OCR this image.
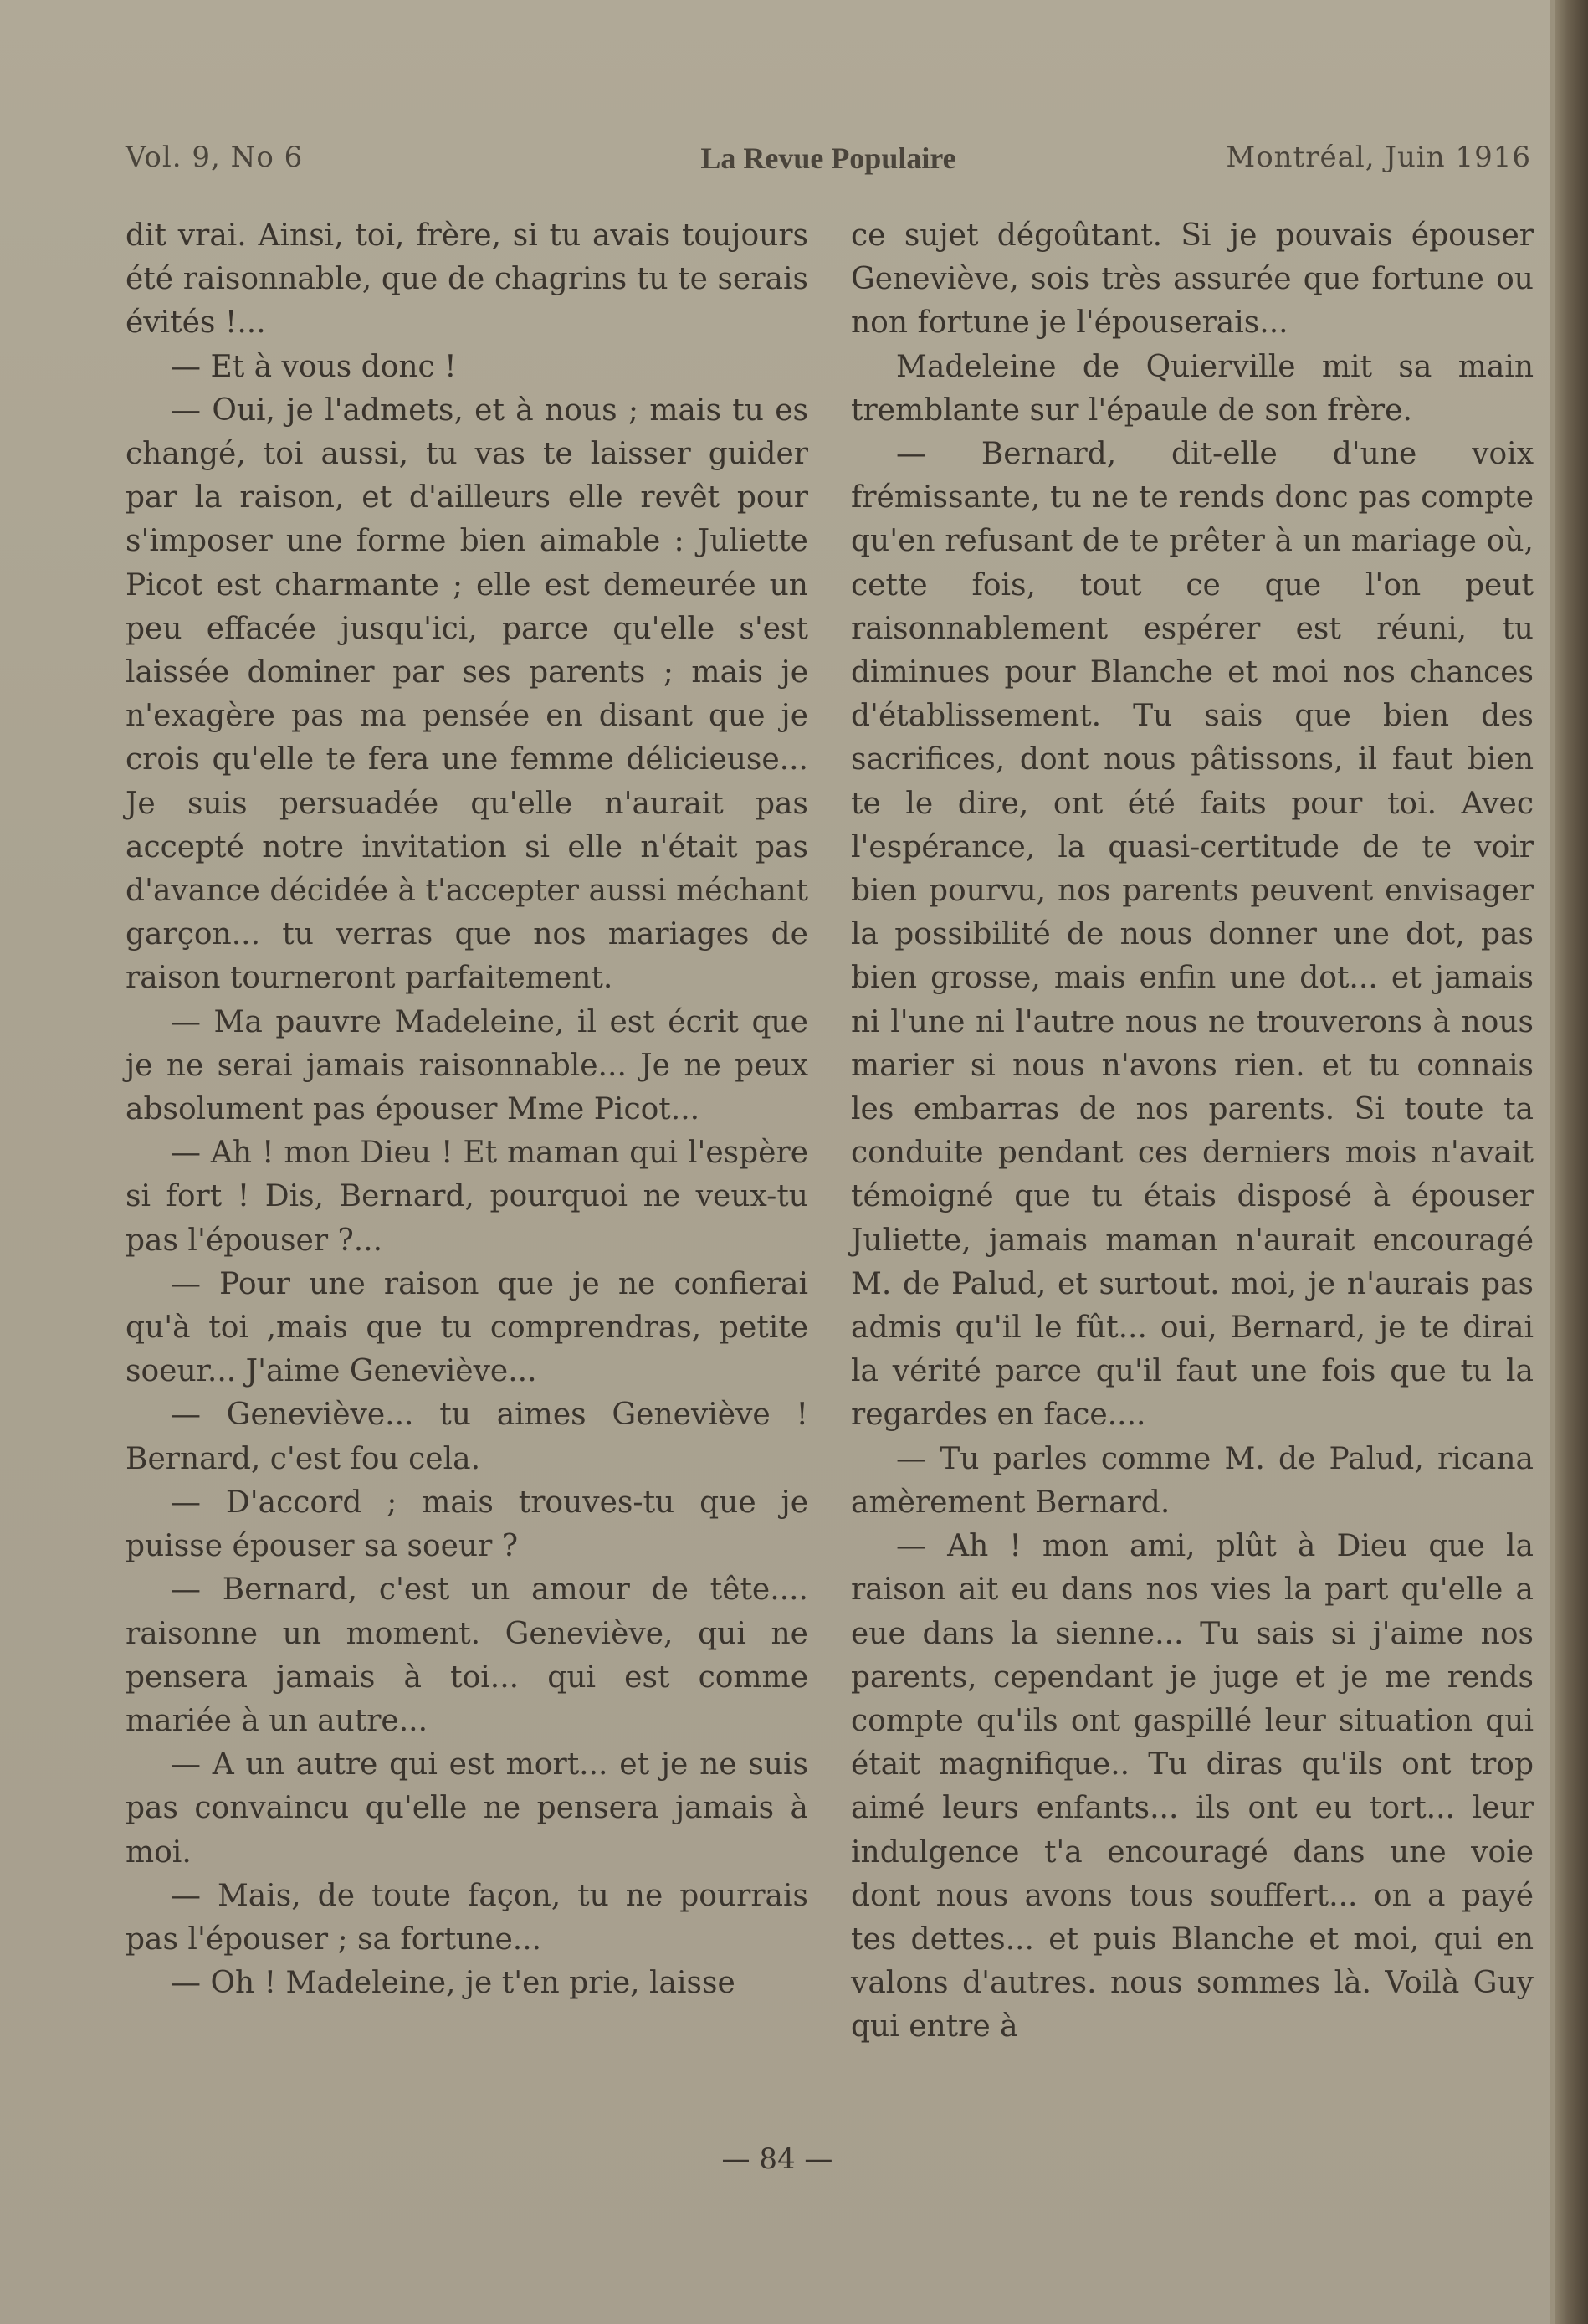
Vol. 9, No 6	La Revue Populaire	Montréal, Juin 1916

dit vrai. Ainsi, toi, frère, si tu avais toujours été raisonnable, que de chagrins tu te serais évités !...

— Et à vous donc !

— Oui, je l'admets, et à nous ; mais tu es changé, toi aussi, tu vas te laisser guider par la raison, et d'ailleurs elle revêt pour s'imposer une forme bien aimable : Juliette Picot est charmante ; elle est demeurée un peu effacée jusqu'ici, parce qu'elle s'est laissée dominer par ses parents ; mais je n'exagère pas ma pensée en disant que je crois qu'elle te fera une femme délicieuse... Je suis persuadée qu'elle n'aurait pas accepté notre invitation si elle n'était pas d'avance décidée à t'accepter aussi méchant garçon... tu verras que nos mariages de raison tourneront parfaitement.

— Ma pauvre Madeleine, il est écrit que je ne serai jamais raisonnable... Je ne peux absolument pas épouser Mme Picot...

— Ah ! mon Dieu ! Et maman qui l'espère si fort ! Dis, Bernard, pourquoi ne veux-tu pas l'épouser ?...

— Pour une raison que je ne confierai qu'à toi ,mais que tu comprendras, petite soeur... J'aime Geneviève...

— Geneviève... tu aimes Geneviève ! Bernard, c'est fou cela.

— D'accord ; mais trouves-tu que je puisse épouser sa soeur ?

— Bernard, c'est un amour de tête.... raisonne un moment. Geneviève, qui ne pensera jamais à toi... qui est comme mariée à un autre...

— A un autre qui est mort... et je ne suis pas convaincu qu'elle ne pensera jamais à moi.

— Mais, de toute façon, tu ne pourrais pas l'épouser ; sa fortune...

— Oh ! Madeleine, je t'en prie, laisse

ce sujet dégoûtant. Si je pouvais épouser Geneviève, sois très assurée que fortune ou non fortune je l'épouserais...

Madeleine de Quierville mit sa main tremblante sur l'épaule de son frère.

— Bernard, dit-elle d'une voix frémissante, tu ne te rends donc pas compte qu'en refusant de te prêter à un mariage où, cette fois, tout ce que l'on peut raisonnablement espérer est réuni, tu diminues pour Blanche et moi nos chances d'établissement. Tu sais que bien des sacrifices, dont nous pâtissons, il faut bien te le dire, ont été faits pour toi. Avec l'espérance, la quasi-certitude de te voir bien pourvu, nos parents peuvent envisager la possibilité de nous donner une dot, pas bien grosse, mais enfin une dot... et jamais ni l'une ni l'autre nous ne trouverons à nous marier si nous n'avons rien. et tu connais les embarras de nos parents. Si toute ta conduite pendant ces derniers mois n'avait témoigné que tu étais disposé à épouser Juliette, jamais maman n'aurait encouragé M. de Palud, et surtout. moi, je n'aurais pas admis qu'il le fût... oui, Bernard, je te dirai la vérité parce qu'il faut une fois que tu la regardes en face....

— Tu parles comme M. de Palud, ricana amèrement Bernard.

— Ah ! mon ami, plût à Dieu que la raison ait eu dans nos vies la part qu'elle a eue dans la sienne... Tu sais si j'aime nos parents, cependant je juge et je me rends compte qu'ils ont gaspillé leur situation qui était magnifique.. Tu diras qu'ils ont trop aimé leurs enfants... ils ont eu tort... leur indulgence t'a encouragé dans une voie dont nous avons tous souffert... on a payé tes dettes... et puis Blanche et moi, qui en valons d'autres. nous sommes là. Voilà Guy qui entre à

— 84 —
